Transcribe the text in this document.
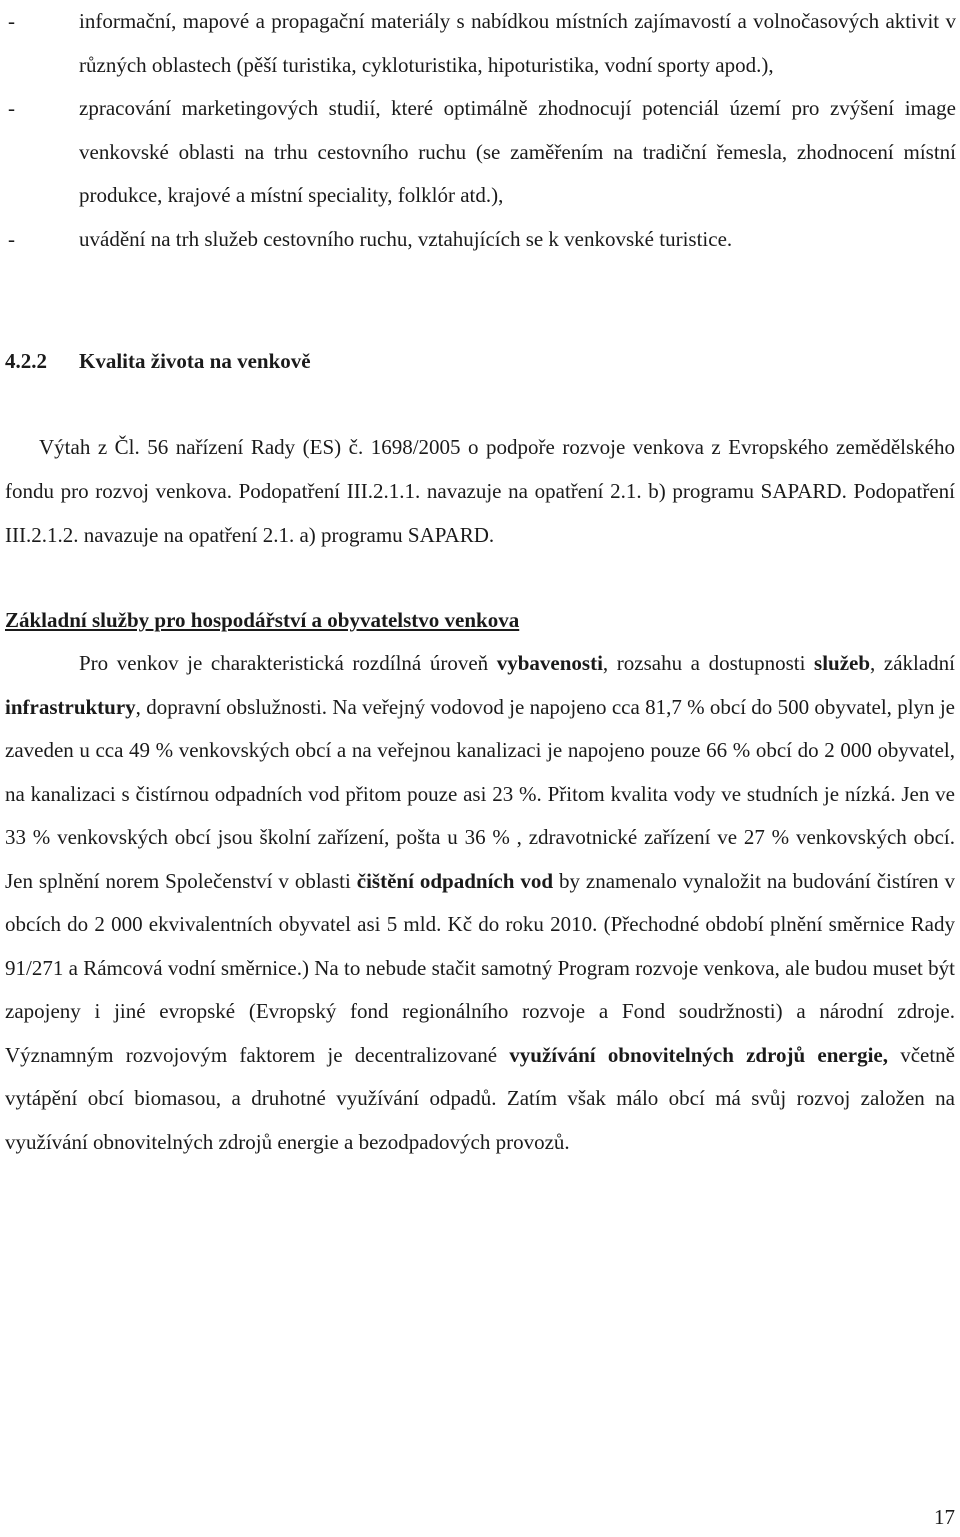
-	informační, mapové a propagační materiály s nabídkou místních zajímavostí a volnočasových aktivit v různých oblastech (pěší turistika, cykloturistika, hipoturistika, vodní sporty apod.),
-	zpracování marketingových studií, které optimálně zhodnocují potenciál území pro zvýšení image venkovské oblasti na trhu cestovního ruchu (se zaměřením na tradiční řemesla, zhodnocení místní produkce, krajové a místní speciality, folklór atd.),
-	uvádění na trh služeb cestovního ruchu, vztahujících se k venkovské turistice.
4.2.2 Kvalita života na venkově
Výtah z Čl. 56 nařízení Rady (ES) č. 1698/2005 o podpoře rozvoje venkova z Evropského zemědělského fondu pro rozvoj venkova. Podopatření III.2.1.1. navazuje na opatření 2.1. b) programu SAPARD. Podopatření III.2.1.2. navazuje na opatření 2.1. a) programu SAPARD.
Základní služby pro hospodářství a obyvatelstvo venkova
Pro venkov je charakteristická rozdílná úroveň vybavenosti, rozsahu a dostupnosti služeb, základní infrastruktury, dopravní obslužnosti. Na veřejný vodovod je napojeno cca 81,7 % obcí do 500 obyvatel, plyn je zaveden u cca 49 % venkovských obcí a na veřejnou kanalizaci je napojeno pouze 66 % obcí do 2 000 obyvatel, na kanalizaci s čistírnou odpadních vod přitom pouze asi 23 %. Přitom kvalita vody ve studních je nízká. Jen ve 33 % venkovských obcí jsou školní zařízení, pošta u 36 % , zdravotnické zařízení ve 27 % venkovských obcí. Jen splnění norem Společenství v oblasti čištění odpadních vod by znamenalo vynaložit na budování čistíren v obcích do 2 000 ekvivalentních obyvatel asi 5 mld. Kč do roku 2010. (Přechodné období plnění směrnice Rady 91/271 a Rámcová vodní směrnice.) Na to nebude stačit samotný Program rozvoje venkova, ale budou muset být zapojeny i jiné evropské (Evropský fond regionálního rozvoje a Fond soudržnosti) a národní zdroje. Významným rozvojovým faktorem je decentralizované využívání obnovitelných zdrojů energie, včetně vytápění obcí biomasou, a druhotné využívání odpadů. Zatím však málo obcí má svůj rozvoj založen na využívání obnovitelných zdrojů energie a bezodpadových provozů.
17
